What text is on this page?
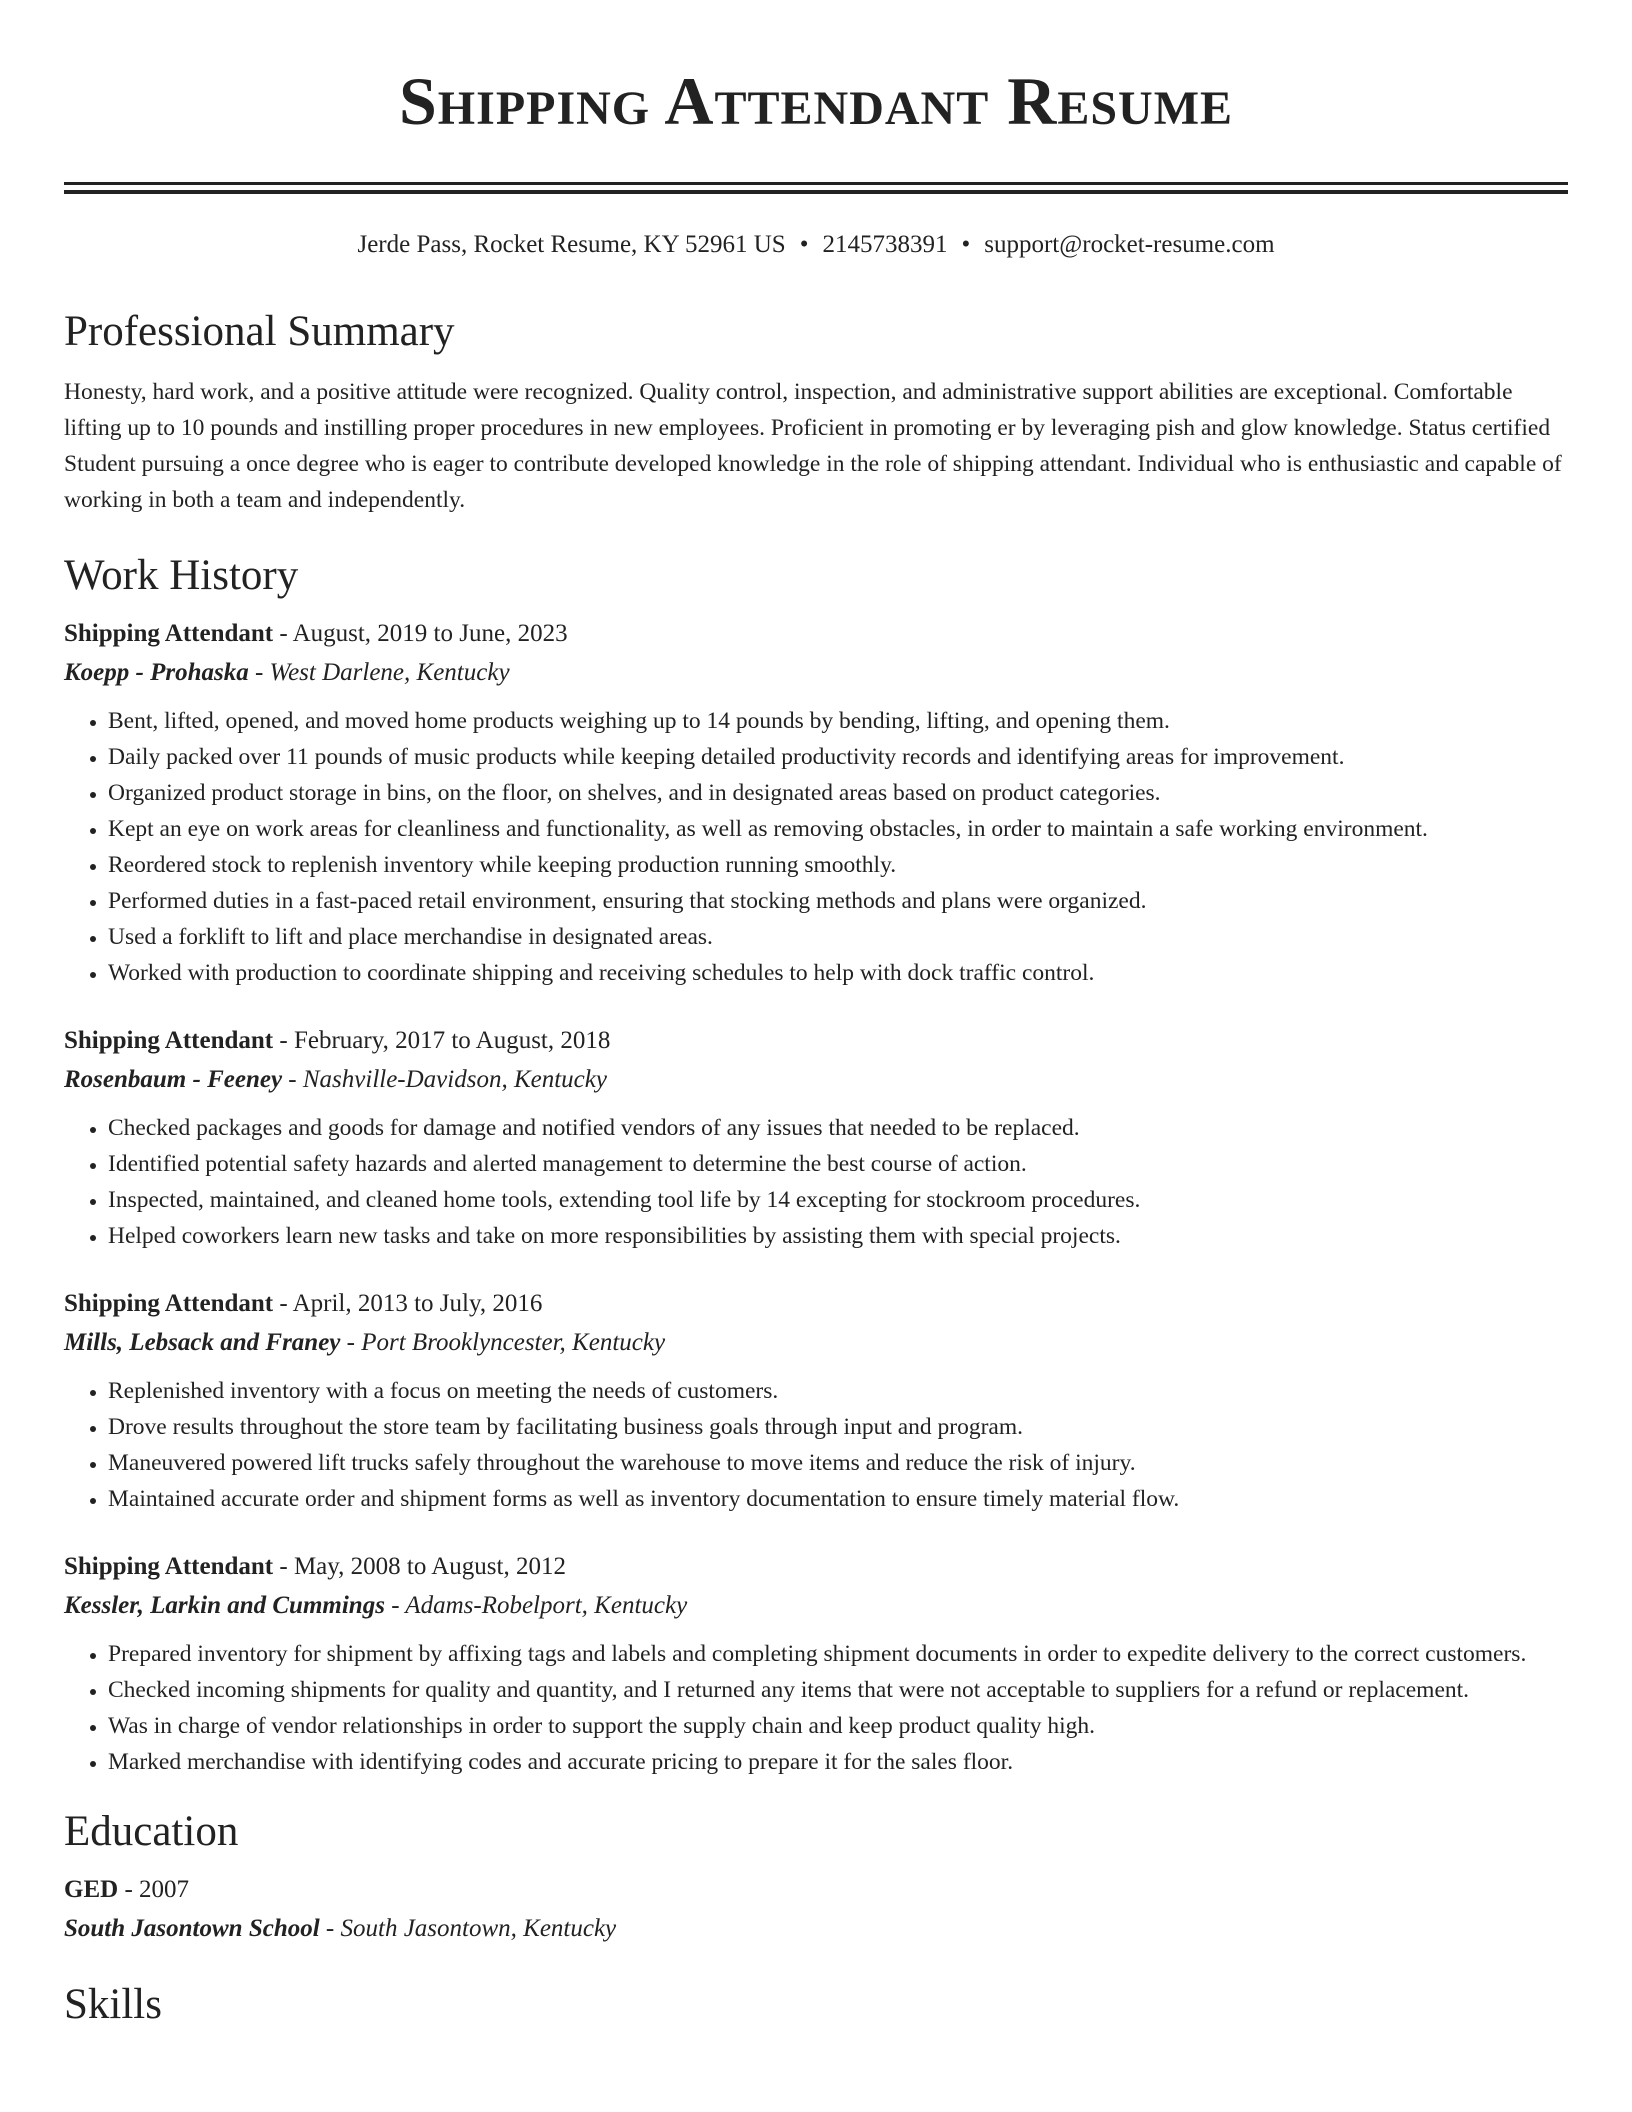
Shipping Attendant Resume
Jerde Pass, Rocket Resume, KY 52961 US • 2145738391 • support@rocket-resume.com
Professional Summary

Honesty, hard work, and a positive attitude were recognized. Quality control, inspection, and administrative support abilities are exceptional. Comfortable lifting up to 10 pounds and instilling proper procedures in new employees. Proficient in promoting er by leveraging pish and glow knowledge. Status certified Student pursuing a once degree who is eager to contribute developed knowledge in the role of shipping attendant. Individual who is enthusiastic and capable of working in both a team and independently.

Work History
Shipping Attendant - August, 2019 to June, 2023
Koepp - Prohaska - West Darlene, Kentucky
• Bent, lifted, opened, and moved home products weighing up to 14 pounds by bending, lifting, and opening them.
• Daily packed over 11 pounds of music products while keeping detailed productivity records and identifying areas for improvement.
• Organized product storage in bins, on the floor, on shelves, and in designated areas based on product categories.
• Kept an eye on work areas for cleanliness and functionality, as well as removing obstacles, in order to maintain a safe working environment.
• Reordered stock to replenish inventory while keeping production running smoothly.
• Performed duties in a fast-paced retail environment, ensuring that stocking methods and plans were organized.
• Used a forklift to lift and place merchandise in designated areas.
• Worked with production to coordinate shipping and receiving schedules to help with dock traffic control.
Shipping Attendant - February, 2017 to August, 2018
Rosenbaum - Feeney - Nashville-Davidson, Kentucky
• Checked packages and goods for damage and notified vendors of any issues that needed to be replaced.
• Identified potential safety hazards and alerted management to determine the best course of action.
• Inspected, maintained, and cleaned home tools, extending tool life by 14 excepting for stockroom procedures.
• Helped coworkers learn new tasks and take on more responsibilities by assisting them with special projects.
Shipping Attendant - April, 2013 to July, 2016
Mills, Lebsack and Franey - Port Brooklyncester, Kentucky
• Replenished inventory with a focus on meeting the needs of customers.
• Drove results throughout the store team by facilitating business goals through input and program.
• Maneuvered powered lift trucks safely throughout the warehouse to move items and reduce the risk of injury.
• Maintained accurate order and shipment forms as well as inventory documentation to ensure timely material flow.
Shipping Attendant - May, 2008 to August, 2012
Kessler, Larkin and Cummings - Adams-Robelport, Kentucky
• Prepared inventory for shipment by affixing tags and labels and completing shipment documents in order to expedite delivery to the correct customers.
• Checked incoming shipments for quality and quantity, and I returned any items that were not acceptable to suppliers for a refund or replacement.
• Was in charge of vendor relationships in order to support the supply chain and keep product quality high.
• Marked merchandise with identifying codes and accurate pricing to prepare it for the sales floor.
Education
GED - 2007
South Jasontown School - South Jasontown, Kentucky
Skills
